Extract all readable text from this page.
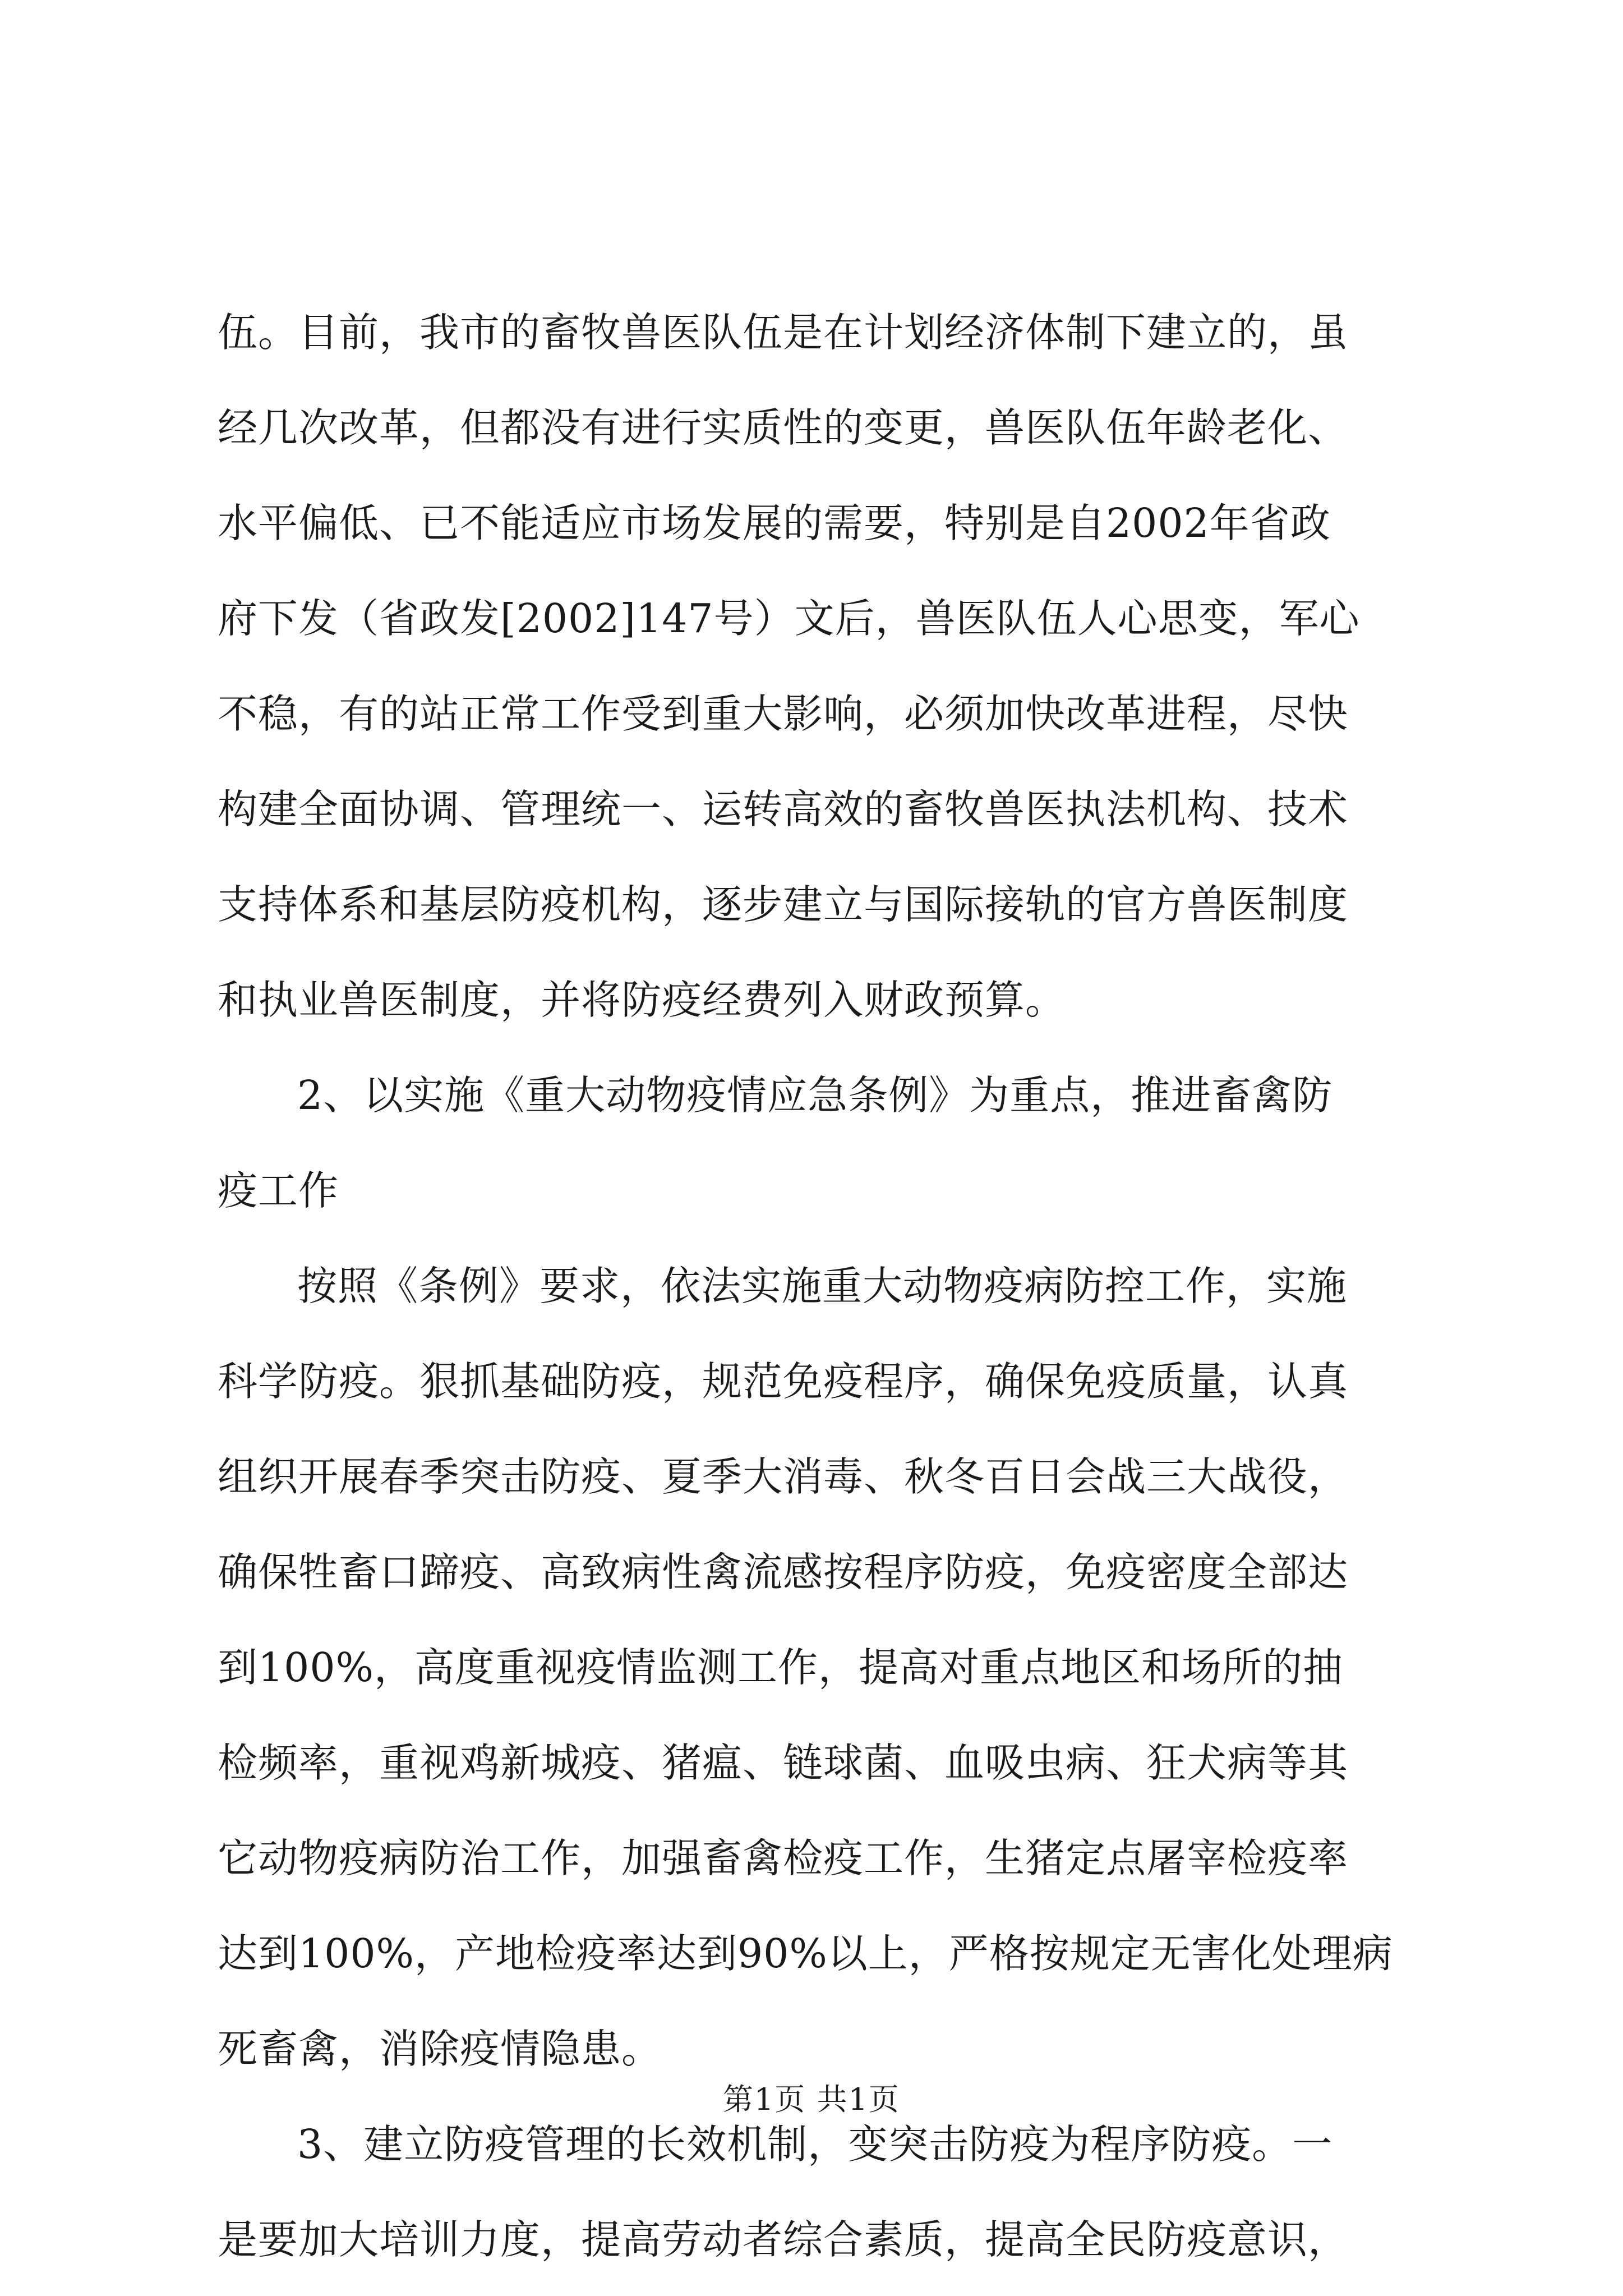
伍。目前，我市的畜牧兽医队伍是在计划经济体制下建立的，虽
经几次改革，但都没有进行实质性的变更，兽医队伍年龄老化、
水平偏低、已不能适应市场发展的需要，特别是自2002年省政
府下发（省政发[2002]147号）文后，兽医队伍人心思变，军心
不稳，有的站正常工作受到重大影响，必须加快改革进程，尽快
构建全面协调、管理统一、运转高效的畜牧兽医执法机构、技术
支持体系和基层防疫机构，逐步建立与国际接轨的官方兽医制度
和执业兽医制度，并将防疫经费列入财政预算。
2、以实施《重大动物疫情应急条例》为重点，推进畜禽防
疫工作
按照《条例》要求，依法实施重大动物疫病防控工作，实施
科学防疫。狠抓基础防疫，规范免疫程序，确保免疫质量，认真
组织开展春季突击防疫、夏季大消毒、秋冬百日会战三大战役，
确保牲畜口蹄疫、高致病性禽流感按程序防疫，免疫密度全部达
到100%，高度重视疫情监测工作，提高对重点地区和场所的抽
检频率，重视鸡新城疫、猪瘟、链球菌、血吸虫病、狂犬病等其
它动物疫病防治工作，加强畜禽检疫工作，生猪定点屠宰检疫率
达到100%，产地检疫率达到90%以上，严格按规定无害化处理病
死畜禽，消除疫情隐患。
3、建立防疫管理的长效机制，变突击防疫为程序防疫。一
是要加大培训力度，提高劳动者综合素质，提高全民防疫意识，
第1页 共1页
